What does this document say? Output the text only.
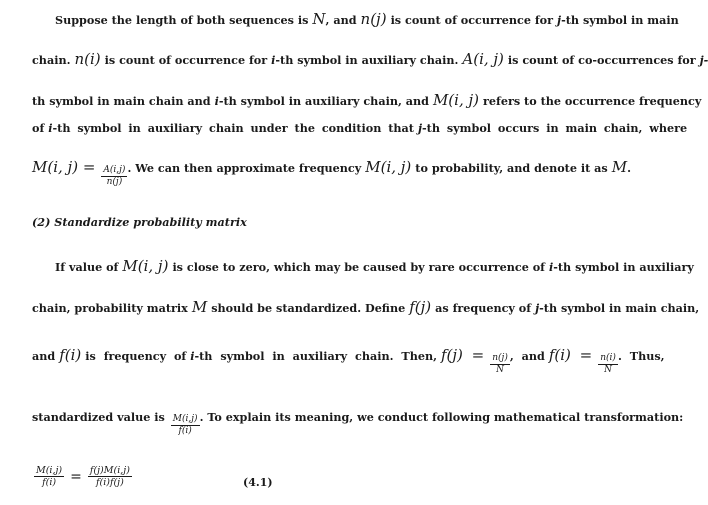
Suppose the length of both sequences is N , and n(j) is count of occurrence for j -th symbol in main
chain. n(i) is count of occurrence for i -th symbol in auxiliary chain. A(i, j) is count of co-occurrences for j -
th symbol in main chain and i -th symbol in auxiliary chain, and M(i, j) refers to the occurrence frequency
of i -th symbol in auxiliary chain under the condition that j -th symbol occurs in main chain, where
M(i, $j) = \frac{A(i,j)}{n(j)}$ . We can then approximate frequency M(i, j) to probability, and denote it as M .
(2) Standardize probability matrix
If value of M(i, j) is close to zero, which may be caused by rare occurrence of i -th symbol in auxiliary
chain, probability matrix M should be standardized. Define f(j) as frequency of j -th symbol in main chain,
and f(i) is frequency of i -th symbol in auxiliary chain. Then, $f(j) = \frac{n(j)}{N}$ , and $f(i) = \frac{n(i)}{N}$ . Thus,
standardized value is $\frac{M(i,j)}{f(i)}$ . To explain its meaning, we conduct following mathematical transformation:
$\frac{M(i,j)}{f(i)} = \frac{f(j)M(i,j)}{f(i)f(j)}$	(4.1)
